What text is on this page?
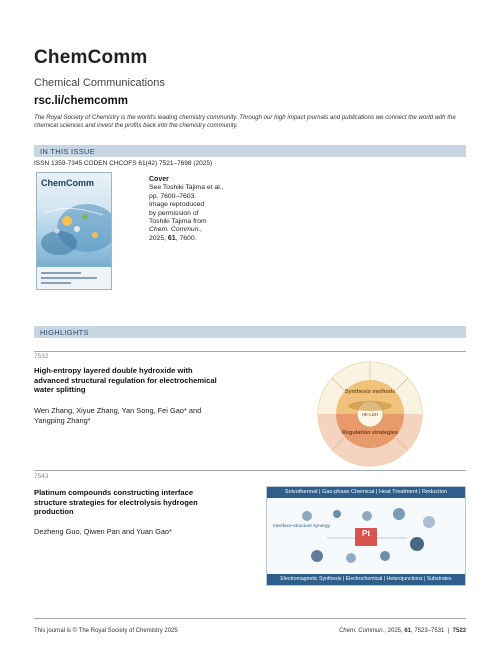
ChemComm
Chemical Communications
rsc.li/chemcomm
The Royal Society of Chemistry is the world's leading chemistry community. Through our high impact journals and publications we connect the world with the chemical sciences and invest the profits back into the chemistry community.
IN THIS ISSUE
ISSN 1359-7345 CODEN CHCOFS 61(42) 7521–7698 (2025)
ChemComm	Cover
See Toshiki Tajima et al.,
pp. 7600–7603.
Image reproduced
by permission of
Toshiki Tajima from
Chem. Commun.,
2025, 61, 7600.
HIGHLIGHTS
7532
High-entropy layered double hydroxide with
advanced structural regulation for electrochemical
water splitting
Wen Zhang, Xiyue Zhang, Yan Song, Fei Gao* and
Yangping Zhang*
Synthesis methods
HE-LDH
Regulation strategies
7543
Platinum compounds constructing interface
structure strategies for electrolysis hydrogen
production
Dezheng Guo, Qiwen Pan and Yuan Gao*
Solvothermal | Gas-phase Chemical | Heat Treatment | Reduction
Interface-structure synergy
Pt
Electromagnetic Synthesis | Electrochemical | Heterojunctions | Substrates
This journal is © The Royal Society of Chemistry 2025	Chem. Commun., 2025, 61, 7523–7531 | 7523
